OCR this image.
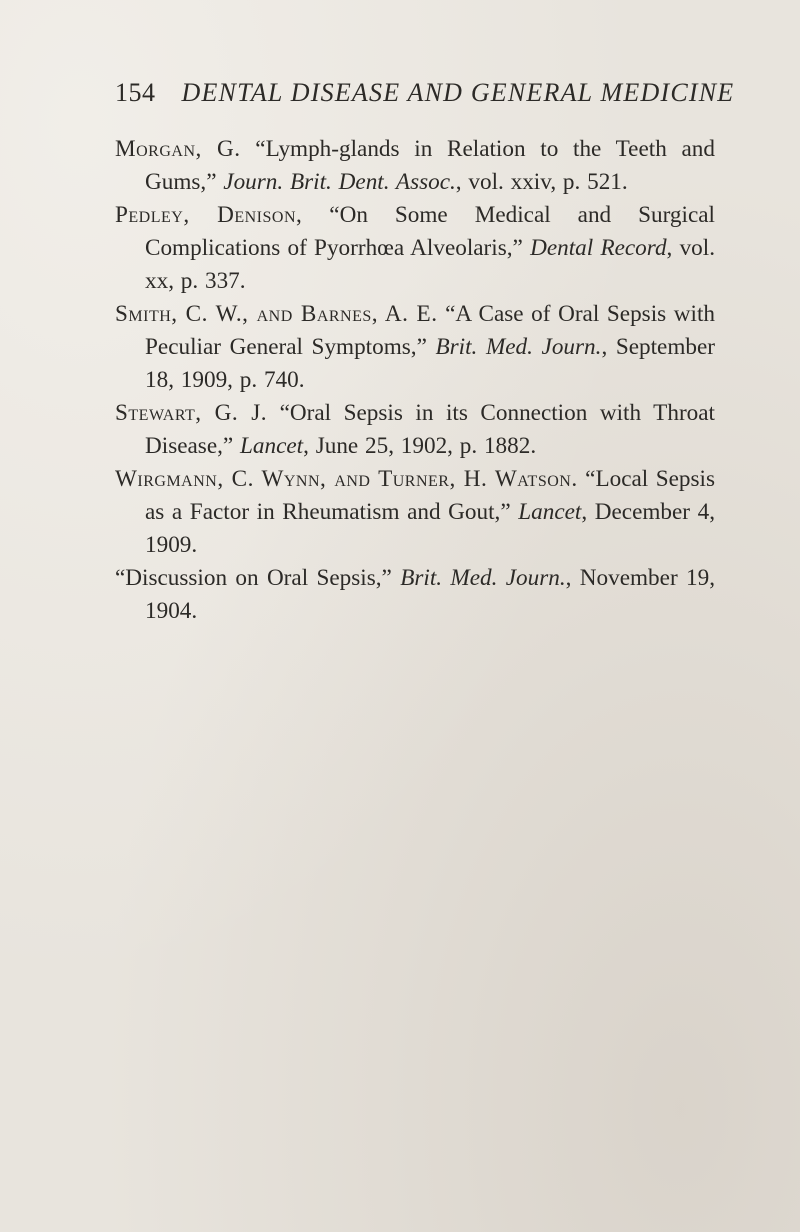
154 DENTAL DISEASE AND GENERAL MEDICINE
Morgan, G. “Lymph-glands in Relation to the Teeth and Gums,” Journ. Brit. Dent. Assoc., vol. xxiv, p. 521.
Pedley, Denison, “On Some Medical and Surgical Complications of Pyorrhœa Alveolaris,” Dental Record, vol. xx, p. 337.
Smith, C. W., and Barnes, A. E. “A Case of Oral Sepsis with Peculiar General Symptoms,” Brit. Med. Journ., September 18, 1909, p. 740.
Stewart, G. J. “Oral Sepsis in its Connection with Throat Disease,” Lancet, June 25, 1902, p. 1882.
Wirgmann, C. Wynn, and Turner, H. Watson. “Local Sepsis as a Factor in Rheumatism and Gout,” Lancet, December 4, 1909.
“Discussion on Oral Sepsis,” Brit. Med. Journ., November 19, 1904.
